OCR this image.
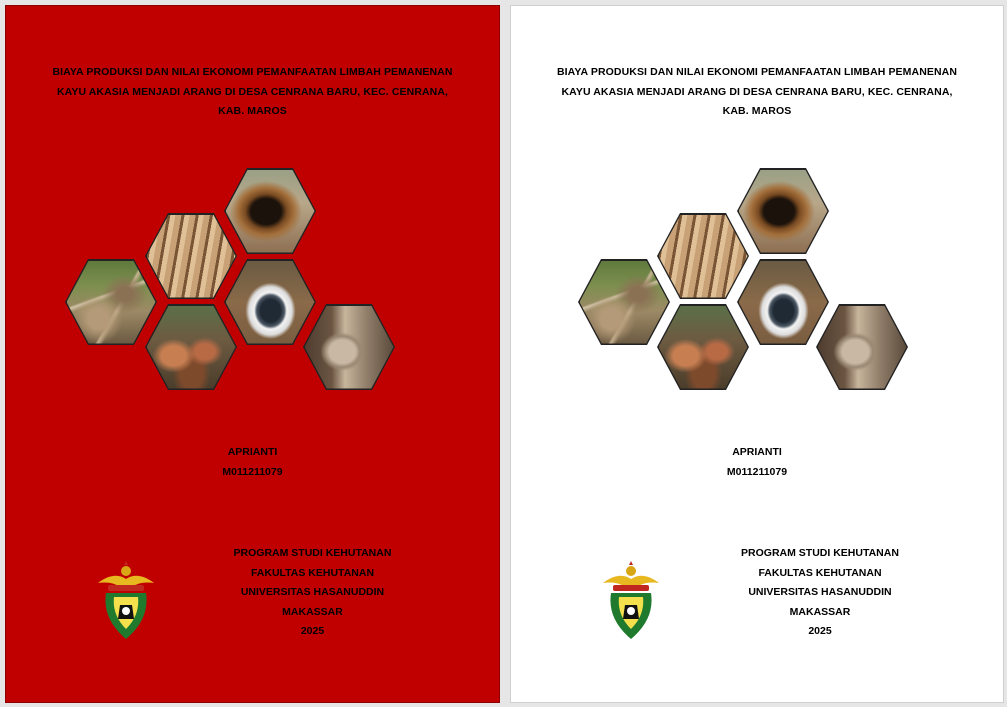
BIAYA PRODUKSI DAN NILAI EKONOMI PEMANFAATAN LIMBAH PEMANENAN
KAYU AKASIA MENJADI ARANG DI DESA CENRANA BARU, KEC. CENRANA,
KAB. MAROS
APRIANTI
M011211079
PROGRAM STUDI KEHUTANAN
FAKULTAS KEHUTANAN
UNIVERSITAS HASANUDDIN
MAKASSAR
2025
BIAYA PRODUKSI DAN NILAI EKONOMI PEMANFAATAN LIMBAH PEMANENAN
KAYU AKASIA MENJADI ARANG DI DESA CENRANA BARU, KEC. CENRANA,
KAB. MAROS
APRIANTI
M011211079
PROGRAM STUDI KEHUTANAN
FAKULTAS KEHUTANAN
UNIVERSITAS HASANUDDIN
MAKASSAR
2025
